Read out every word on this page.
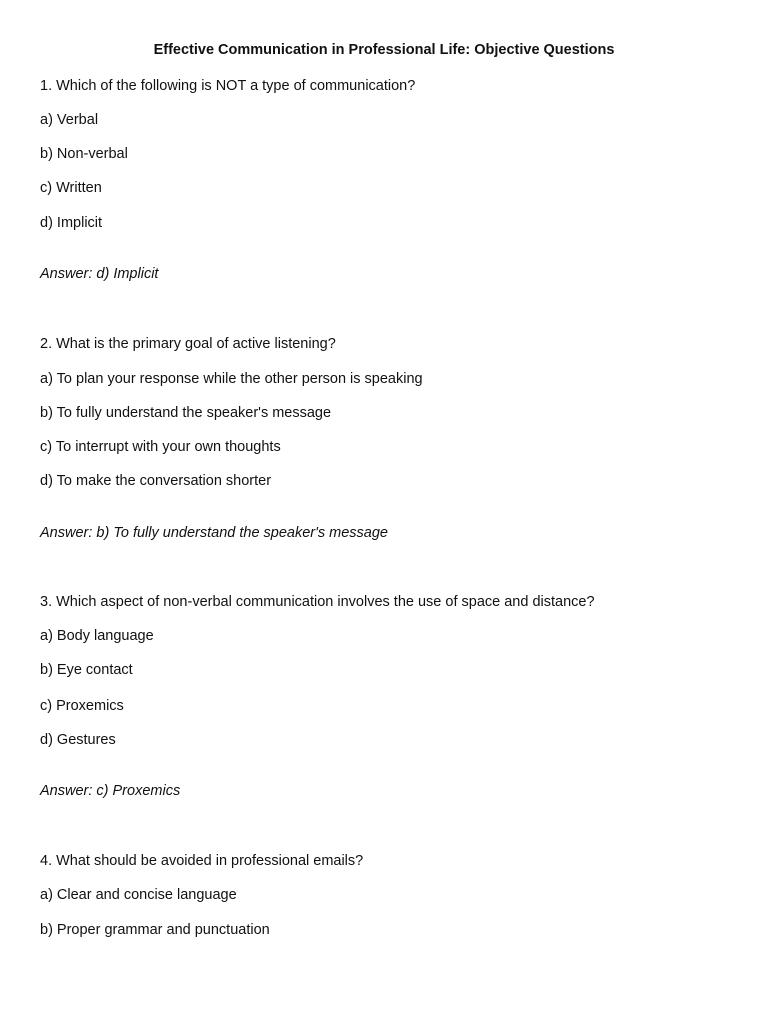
Effective Communication in Professional Life: Objective Questions
1. Which of the following is NOT a type of communication?
a) Verbal
b) Non-verbal
c) Written
d) Implicit
Answer: d) Implicit
2. What is the primary goal of active listening?
a) To plan your response while the other person is speaking
b) To fully understand the speaker's message
c) To interrupt with your own thoughts
d) To make the conversation shorter
Answer: b) To fully understand the speaker's message
3. Which aspect of non-verbal communication involves the use of space and distance?
a) Body language
b) Eye contact
c) Proxemics
d) Gestures
Answer: c) Proxemics
4. What should be avoided in professional emails?
a) Clear and concise language
b) Proper grammar and punctuation
